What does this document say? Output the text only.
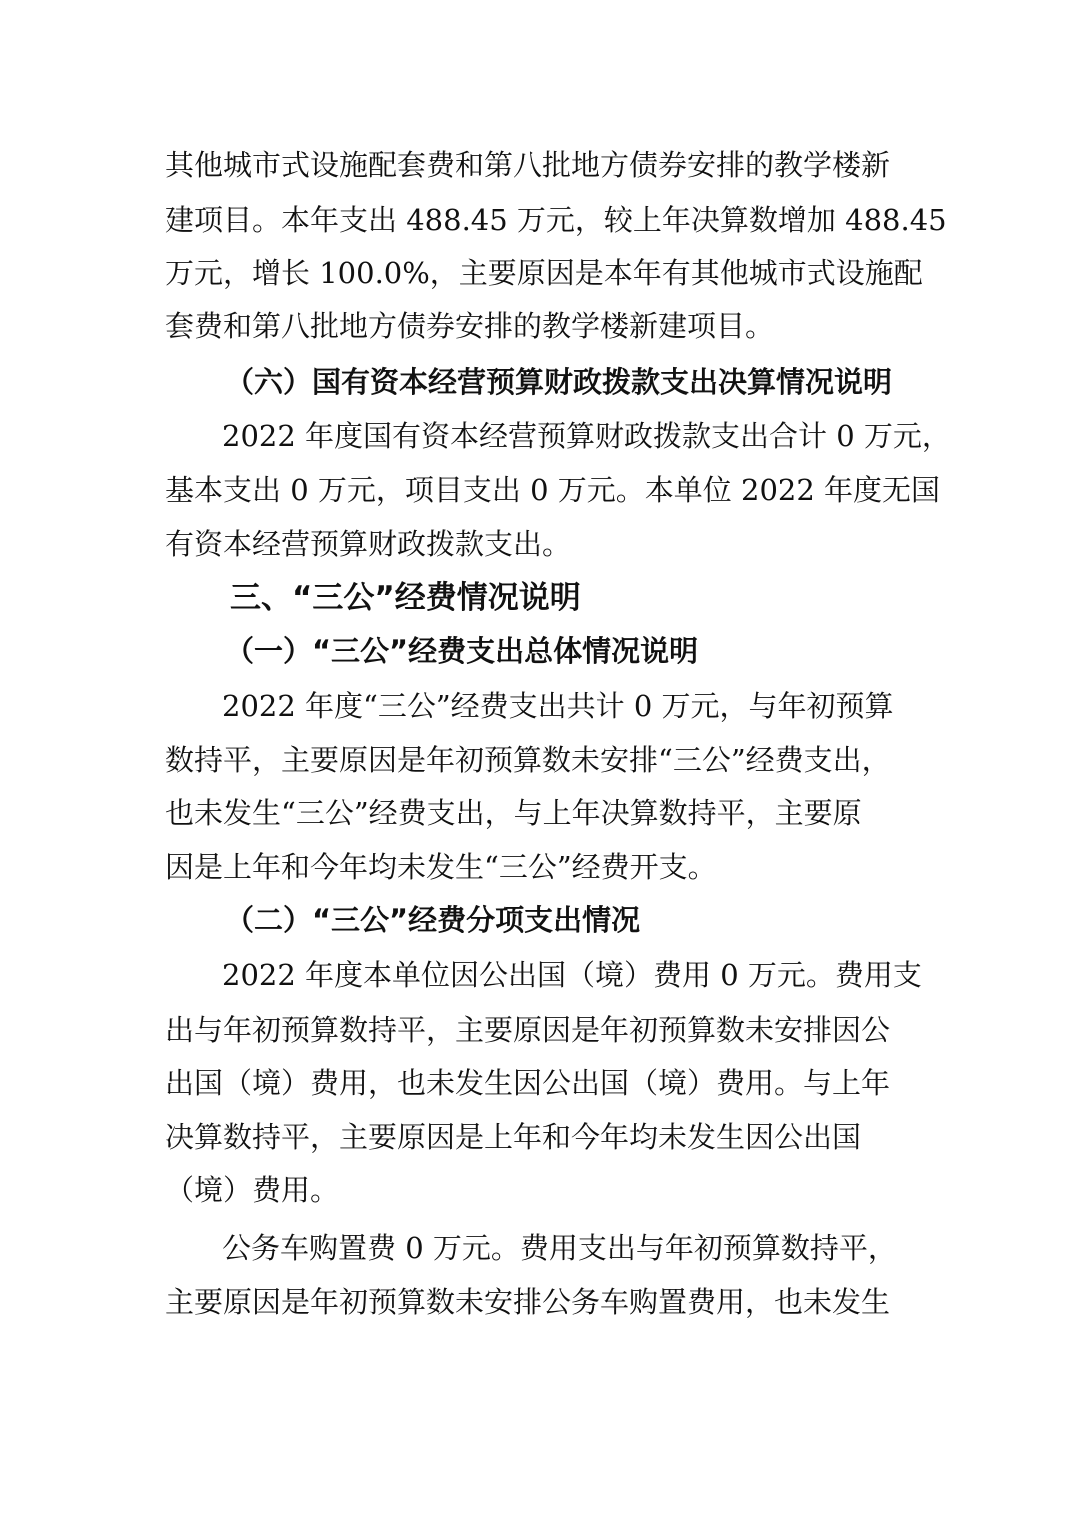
其他城市式设施配套费和第八批地方债券安排的教学楼新
建项目。本年支出 488.45 万元，较上年决算数增加 488.45
万元，增长 100.0%，主要原因是本年有其他城市式设施配
套费和第八批地方债券安排的教学楼新建项目。
（六）国有资本经营预算财政拨款支出决算情况说明
2022 年度国有资本经营预算财政拨款支出合计 0 万元，
基本支出 0 万元，项目支出 0 万元。本单位 2022 年度无国
有资本经营预算财政拨款支出。
三、“三公”经费情况说明
（一）“三公”经费支出总体情况说明
2022 年度“三公”经费支出共计 0 万元，与年初预算
数持平，主要原因是年初预算数未安排“三公”经费支出，
也未发生“三公”经费支出，与上年决算数持平，主要原
因是上年和今年均未发生“三公”经费开支。
（二）“三公”经费分项支出情况
2022 年度本单位因公出国（境）费用 0 万元。费用支
出与年初预算数持平，主要原因是年初预算数未安排因公
出国（境）费用，也未发生因公出国（境）费用。与上年
决算数持平，主要原因是上年和今年均未发生因公出国
（境）费用。
公务车购置费 0 万元。费用支出与年初预算数持平，
主要原因是年初预算数未安排公务车购置费用，也未发生
